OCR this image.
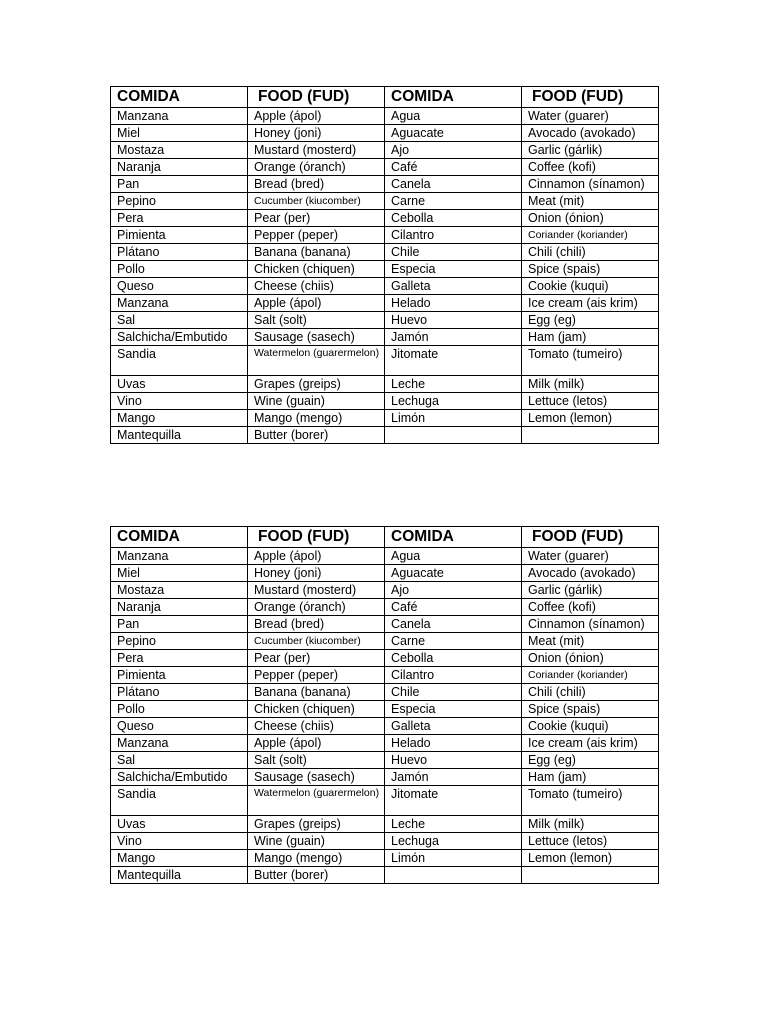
COMIDA	FOOD (FUD)	COMIDA	FOOD (FUD)
Manzana	Apple (ápol)	Agua	Water (guarer)
Miel	Honey (joni)	Aguacate	Avocado (avokado)
Mostaza	Mustard (mosterd)	Ajo	Garlic (gárlik)
Naranja	Orange (óranch)	Café	Coffee (kofi)
Pan	Bread (bred)	Canela	Cinnamon (sínamon)
Pepino	Cucumber (kiucomber)	Carne	Meat (mit)
Pera	Pear (per)	Cebolla	Onion (ónion)
Pimienta	Pepper (peper)	Cilantro	Coriander (koriander)
Plátano	Banana (banana)	Chile	Chili (chili)
Pollo	Chicken (chiquen)	Especia	Spice (spais)
Queso	Cheese (chiis)	Galleta	Cookie (kuqui)
Manzana	Apple (ápol)	Helado	Ice cream (ais krim)
Sal	Salt (solt)	Huevo	Egg (eg)
Salchicha/Embutido	Sausage (sasech)	Jamón	Ham (jam)
Sandia	Watermelon (guarermelon)	Jitomate	Tomato (tumeiro)
Uvas	Grapes (greips)	Leche	Milk (milk)
Vino	Wine (guain)	Lechuga	Lettuce (letos)
Mango	Mango (mengo)	Limón	Lemon (lemon)
Mantequilla	Butter (borer)		
COMIDA	FOOD (FUD)	COMIDA	FOOD (FUD)
Manzana	Apple (ápol)	Agua	Water (guarer)
Miel	Honey (joni)	Aguacate	Avocado (avokado)
Mostaza	Mustard (mosterd)	Ajo	Garlic (gárlik)
Naranja	Orange (óranch)	Café	Coffee (kofi)
Pan	Bread (bred)	Canela	Cinnamon (sínamon)
Pepino	Cucumber (kiucomber)	Carne	Meat (mit)
Pera	Pear (per)	Cebolla	Onion (ónion)
Pimienta	Pepper (peper)	Cilantro	Coriander (koriander)
Plátano	Banana (banana)	Chile	Chili (chili)
Pollo	Chicken (chiquen)	Especia	Spice (spais)
Queso	Cheese (chiis)	Galleta	Cookie (kuqui)
Manzana	Apple (ápol)	Helado	Ice cream (ais krim)
Sal	Salt (solt)	Huevo	Egg (eg)
Salchicha/Embutido	Sausage (sasech)	Jamón	Ham (jam)
Sandia	Watermelon (guarermelon)	Jitomate	Tomato (tumeiro)
Uvas	Grapes (greips)	Leche	Milk (milk)
Vino	Wine (guain)	Lechuga	Lettuce (letos)
Mango	Mango (mengo)	Limón	Lemon (lemon)
Mantequilla	Butter (borer)		
